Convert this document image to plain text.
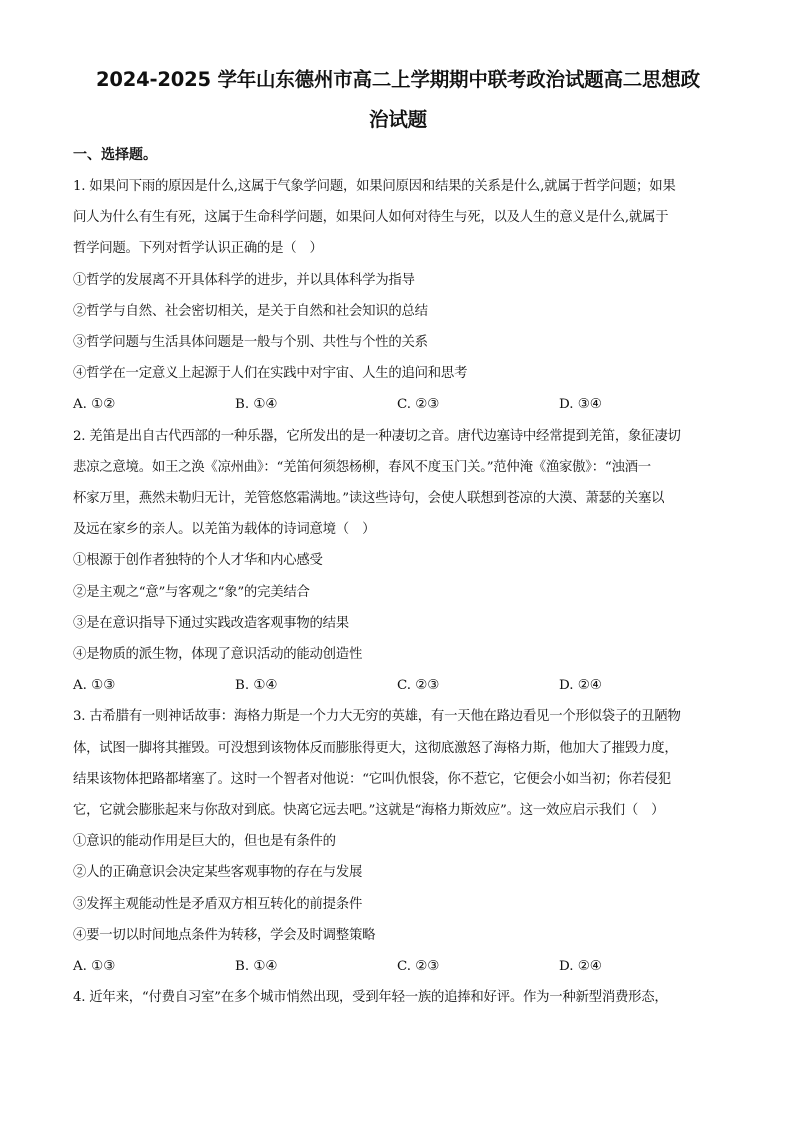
2024-2025 学年山东德州市高二上学期期中联考政治试题高二思想政
治试题

一、选择题。

1. 如果问下雨的原因是什么,这属于气象学问题，如果问原因和结果的关系是什么,就属于哲学问题；如果
问人为什么有生有死，这属于生命科学问题，如果问人如何对待生与死，以及人生的意义是什么,就属于
哲学问题。下列对哲学认识正确的是（　）
①哲学的发展离不开具体科学的进步，并以具体科学为指导
②哲学与自然、社会密切相关，是关于自然和社会知识的总结
③哲学问题与生活具体问题是一般与个别、共性与个性的关系
④哲学在一定意义上起源于人们在实践中对宇宙、人生的追问和思考
A. ①②	B. ①④	C. ②③	D. ③④
2. 羌笛是出自古代西部的一种乐器，它所发出的是一种凄切之音。唐代边塞诗中经常提到羌笛，象征凄切
悲凉之意境。如王之涣《凉州曲》：“羌笛何须怨杨柳，春风不度玉门关。”范仲淹《渔家傲》：“浊酒一
杯家万里，燕然未勒归无计，羌管悠悠霜满地。”读这些诗句，会使人联想到苍凉的大漠、萧瑟的关塞以
及远在家乡的亲人。以羌笛为载体的诗词意境（　）
①根源于创作者独特的个人才华和内心感受
②是主观之“意”与客观之“象”的完美结合
③是在意识指导下通过实践改造客观事物的结果
④是物质的派生物，体现了意识活动的能动创造性
A. ①③	B. ①④	C. ②③	D. ②④
3. 古希腊有一则神话故事：海格力斯是一个力大无穷的英雄，有一天他在路边看见一个形似袋子的丑陋物
体，试图一脚将其摧毁。可没想到该物体反而膨胀得更大，这彻底激怒了海格力斯，他加大了摧毁力度，
结果该物体把路都堵塞了。这时一个智者对他说：“它叫仇恨袋，你不惹它，它便会小如当初；你若侵犯
它，它就会膨胀起来与你敌对到底。快离它远去吧。”这就是“海格力斯效应”。这一效应启示我们（　）
①意识的能动作用是巨大的，但也是有条件的
②人的正确意识会决定某些客观事物的存在与发展
③发挥主观能动性是矛盾双方相互转化的前提条件
④要一切以时间地点条件为转移，学会及时调整策略
A. ①③	B. ①④	C. ②③	D. ②④
4. 近年来，“付费自习室”在多个城市悄然出现，受到年轻一族的追捧和好评。作为一种新型消费形态，
